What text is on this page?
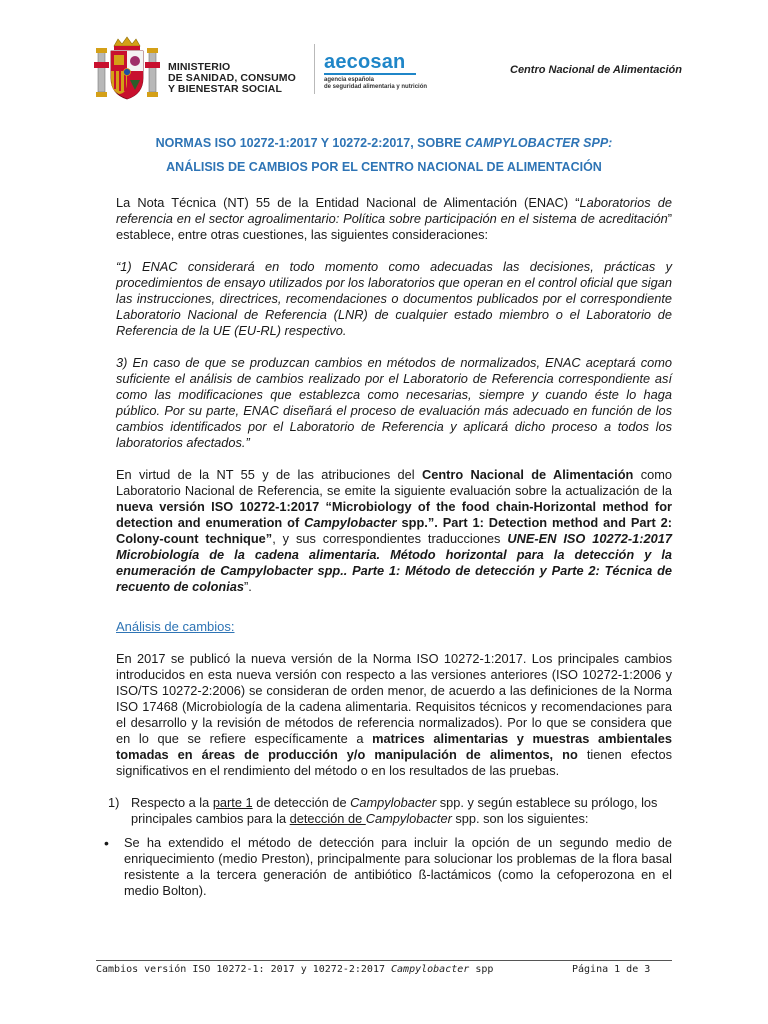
MINISTERIO
DE SANIDAD, CONSUMO
Y BIENESTAR SOCIAL
aecosan
agencia española
de seguridad alimentaria y nutrición
Centro Nacional de Alimentación
NORMAS ISO 10272-1:2017 Y 10272-2:2017, SOBRE CAMPYLOBACTER SPP:
ANÁLISIS DE CAMBIOS POR EL CENTRO NACIONAL DE ALIMENTACIÓN

La Nota Técnica (NT) 55 de la Entidad Nacional de Alimentación (ENAC) “Laboratorios de referencia en el sector agroalimentario: Política sobre participación en el sistema de acreditación” establece, entre otras cuestiones, las siguientes consideraciones:

“1) ENAC considerará en todo momento como adecuadas las decisiones, prácticas y procedimientos de ensayo utilizados por los laboratorios que operan en el control oficial que sigan las instrucciones, directrices, recomendaciones o documentos publicados por el correspondiente Laboratorio Nacional de Referencia (LNR) de cualquier estado miembro o el Laboratorio de Referencia de la UE (EU-RL) respectivo.

3) En caso de que se produzcan cambios en métodos de normalizados, ENAC aceptará como suficiente el análisis de cambios realizado por el Laboratorio de Referencia correspondiente así como las modificaciones que establezca como necesarias, siempre y cuando éste lo haga público. Por su parte, ENAC diseñará el proceso de evaluación más adecuado en función de los cambios identificados por el Laboratorio de Referencia y aplicará dicho proceso a todos los laboratorios afectados.”

En virtud de la NT 55 y de las atribuciones del Centro Nacional de Alimentación como Laboratorio Nacional de Referencia, se emite la siguiente evaluación sobre la actualización de la nueva versión ISO 10272-1:2017 “Microbiology of the food chain-Horizontal method for detection and enumeration of Campylobacter spp.”. Part 1: Detection method and Part 2: Colony-count technique”, y sus correspondientes traducciones UNE-EN ISO 10272-1:2017 Microbiología de la cadena alimentaria. Método horizontal para la detección y la enumeración de Campylobacter spp.. Parte 1: Método de detección y Parte 2: Técnica de recuento de colonias”.

Análisis de cambios:

En 2017 se publicó la nueva versión de la Norma ISO 10272-1:2017. Los principales cambios introducidos en esta nueva versión con respecto a las versiones anteriores (ISO 10272-1:2006 y ISO/TS 10272-2:2006) se consideran de orden menor, de acuerdo a las definiciones de la Norma ISO 17468 (Microbiología de la cadena alimentaria. Requisitos técnicos y recomendaciones para el desarrollo y la revisión de métodos de referencia normalizados). Por lo que se considera que en lo que se refiere específicamente a matrices alimentarias y muestras ambientales tomadas en áreas de producción y/o manipulación de alimentos, no tienen efectos significativos en el rendimiento del método o en los resultados de las pruebas.

1) Respecto a la parte 1 de detección de Campylobacter spp. y según establece su prólogo, los principales cambios para la detección de Campylobacter spp. son los siguientes:
•	Se ha extendido el método de detección para incluir la opción de un segundo medio de enriquecimiento (medio Preston), principalmente para solucionar los problemas de la flora basal resistente a la tercera generación de antibiótico ß-lactámicos (como la cefoperozona en el medio Bolton).
Cambios versión ISO 10272-1: 2017 y 10272-2:2017 Campylobacter spp	Página 1 de 3
